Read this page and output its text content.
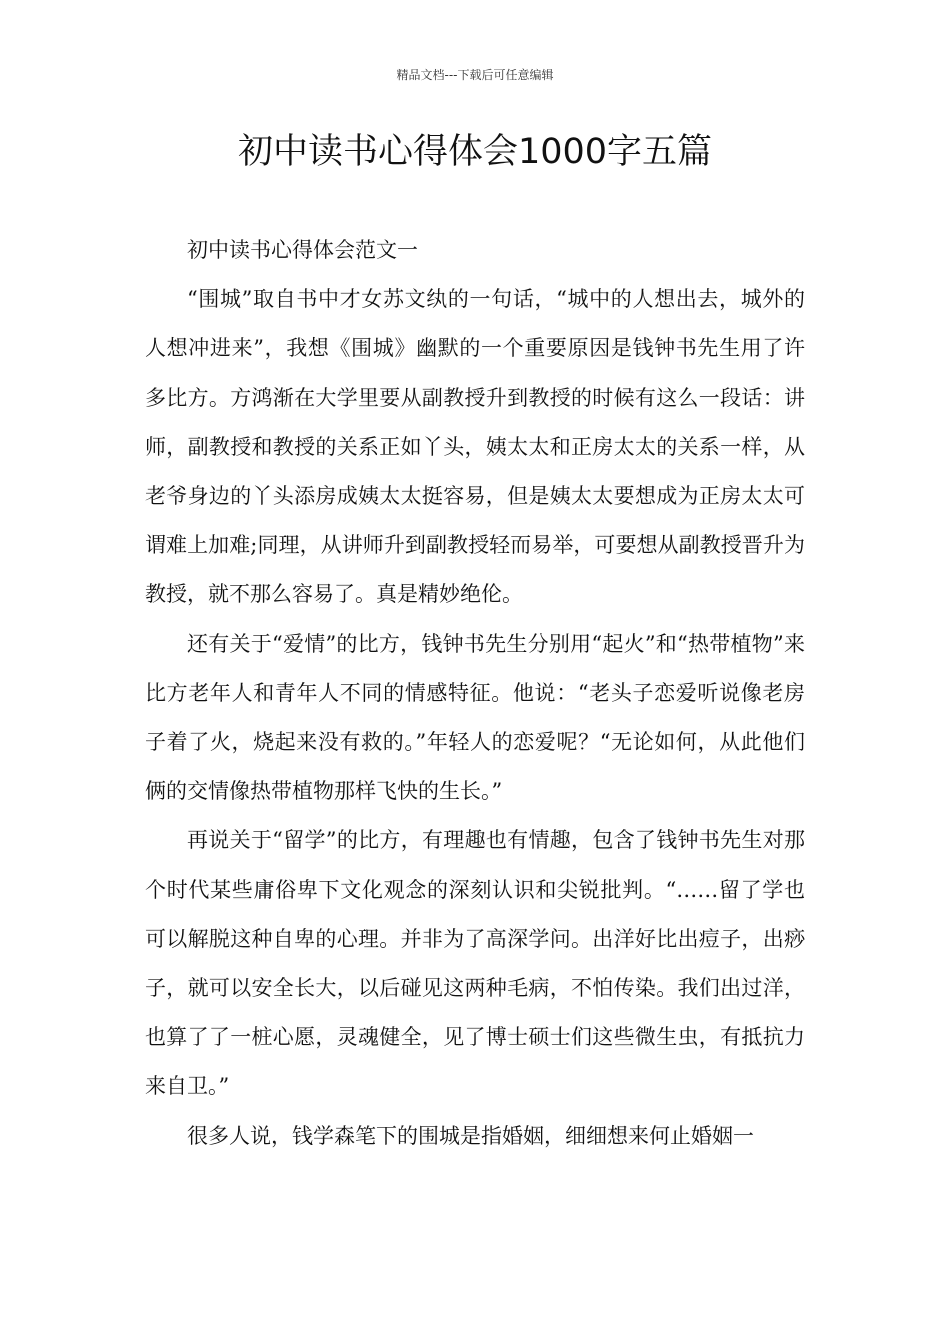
精品文档---下载后可任意编辑
初中读书心得体会1000字五篇

初中读书心得体会范文一

“围城”取自书中才女苏文纨的一句话，“城中的人想出去，城外的人想冲进来”，我想《围城》幽默的一个重要原因是钱钟书先生用了许多比方。方鸿渐在大学里要从副教授升到教授的时候有这么一段话：讲师，副教授和教授的关系正如丫头，姨太太和正房太太的关系一样，从老爷身边的丫头添房成姨太太挺容易，但是姨太太要想成为正房太太可谓难上加难;同理，从讲师升到副教授轻而易举，可要想从副教授晋升为教授，就不那么容易了。真是精妙绝伦。

还有关于“爱情”的比方，钱钟书先生分别用“起火”和“热带植物”来比方老年人和青年人不同的情感特征。他说：“老头子恋爱听说像老房子着了火，烧起来没有救的。”年轻人的恋爱呢？“无论如何，从此他们俩的交情像热带植物那样飞快的生长。”

再说关于“留学”的比方，有理趣也有情趣，包含了钱钟书先生对那个时代某些庸俗卑下文化观念的深刻认识和尖锐批判。“……留了学也可以解脱这种自卑的心理。并非为了高深学问。出洋好比出痘子，出痧子，就可以安全长大，以后碰见这两种毛病，不怕传染。我们出过洋，也算了了一桩心愿，灵魂健全，见了博士硕士们这些微生虫，有抵抗力来自卫。”

很多人说，钱学森笔下的围城是指婚姻，细细想来何止婚姻一
